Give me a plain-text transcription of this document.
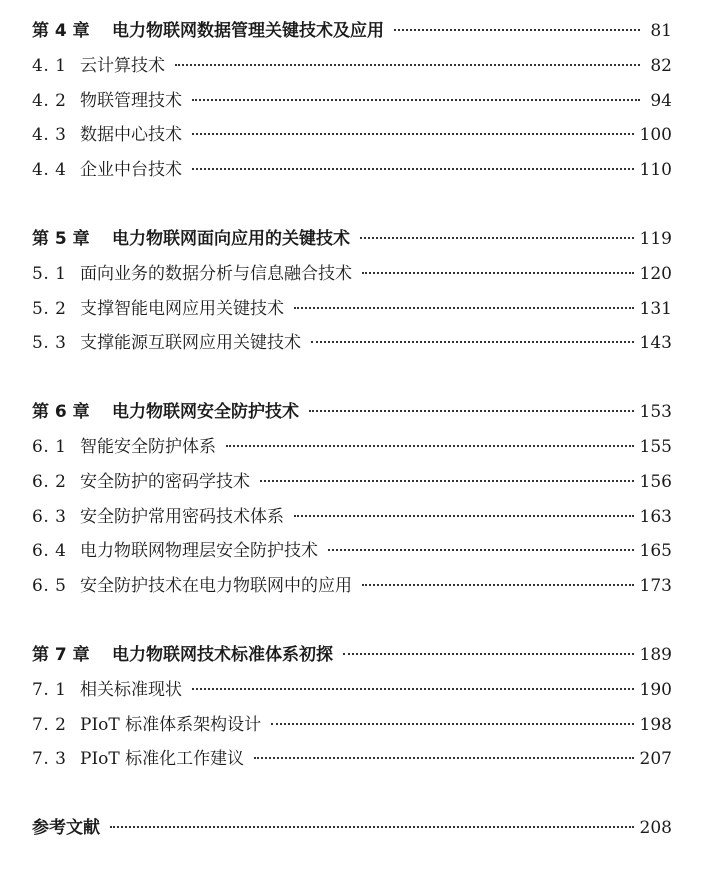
第 4 章	电力物联网数据管理关键技术及应用	81
4. 1 云计算技术	82
4. 2 物联管理技术	94
4. 3 数据中心技术	100
4. 4 企业中台技术	110
第 5 章	电力物联网面向应用的关键技术	119
5. 1 面向业务的数据分析与信息融合技术	120
5. 2 支撑智能电网应用关键技术	131
5. 3 支撑能源互联网应用关键技术	143
第 6 章	电力物联网安全防护技术	153
6. 1 智能安全防护体系	155
6. 2 安全防护的密码学技术	156
6. 3 安全防护常用密码技术体系	163
6. 4 电力物联网物理层安全防护技术	165
6. 5 安全防护技术在电力物联网中的应用	173
第 7 章	电力物联网技术标准体系初探	189
7. 1 相关标准现状	190
7. 2 PIoT 标准体系架构设计	198
7. 3 PIoT 标准化工作建议	207
参考文献	208
